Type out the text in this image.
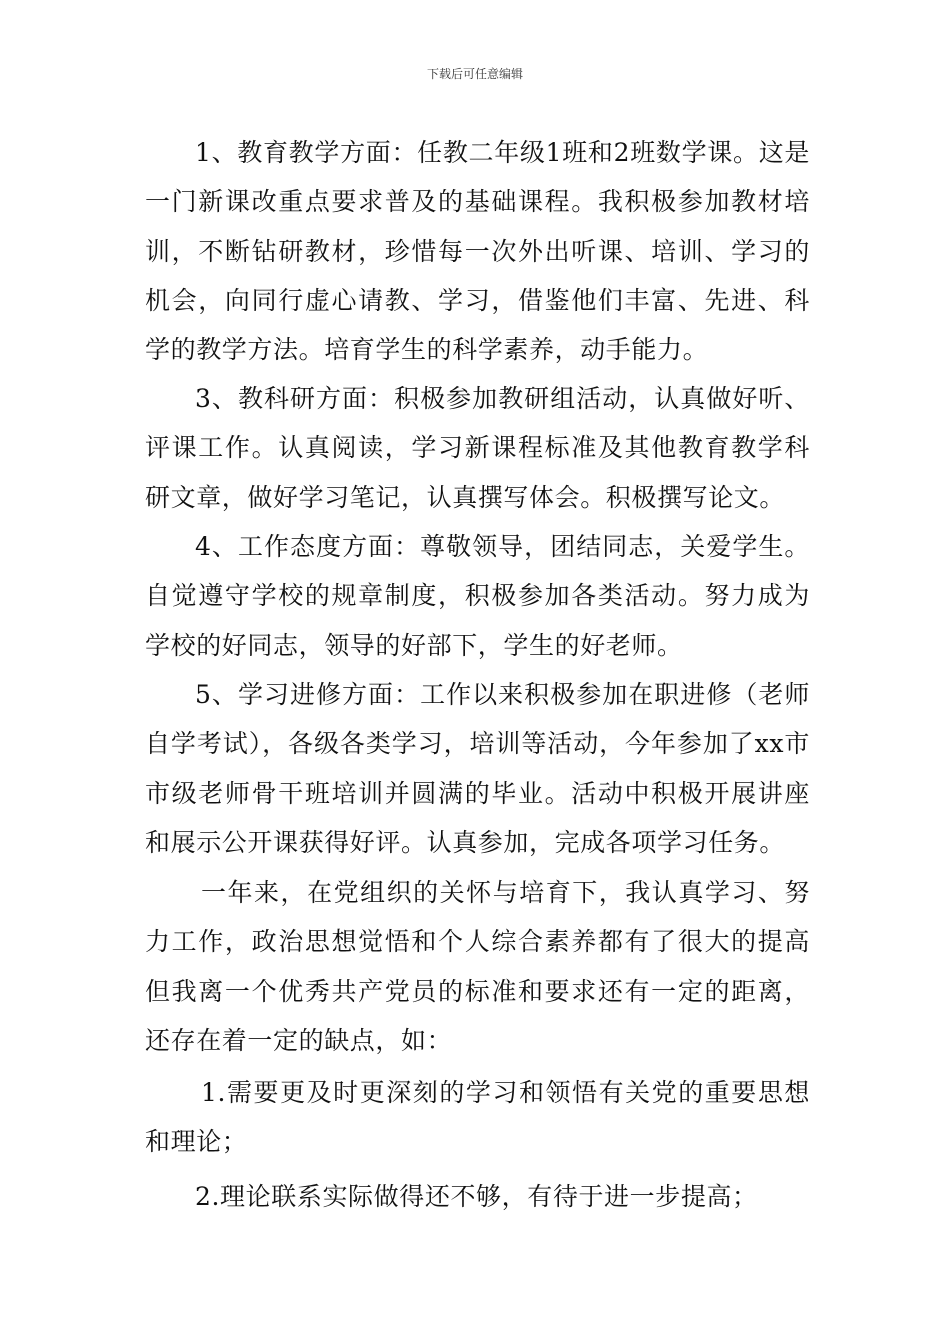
下载后可任意编辑

1、教育教学方面：任教二年级1班和2班数学课。这是一门新课改重点要求普及的基础课程。我积极参加教材培训，不断钻研教材，珍惜每一次外出听课、培训、学习的机会，向同行虚心请教、学习，借鉴他们丰富、先进、科学的教学方法。培育学生的科学素养，动手能力。

3、教科研方面：积极参加教研组活动，认真做好听、评课工作。认真阅读，学习新课程标准及其他教育教学科研文章，做好学习笔记，认真撰写体会。积极撰写论文。

4、工作态度方面：尊敬领导，团结同志，关爱学生。自觉遵守学校的规章制度，积极参加各类活动。努力成为学校的好同志，领导的好部下，学生的好老师。

5、学习进修方面：工作以来积极参加在职进修（老师自学考试），各级各类学习，培训等活动，今年参加了xx市市级老师骨干班培训并圆满的毕业。活动中积极开展讲座和展示公开课获得好评。认真参加，完成各项学习任务。

一年来，在党组织的关怀与培育下，我认真学习、努力工作，政治思想觉悟和个人综合素养都有了很大的提高但我离一个优秀共产党员的标准和要求还有一定的距离，还存在着一定的缺点，如：

1.需要更及时更深刻的学习和领悟有关党的重要思想和理论；

2.理论联系实际做得还不够，有待于进一步提高；
